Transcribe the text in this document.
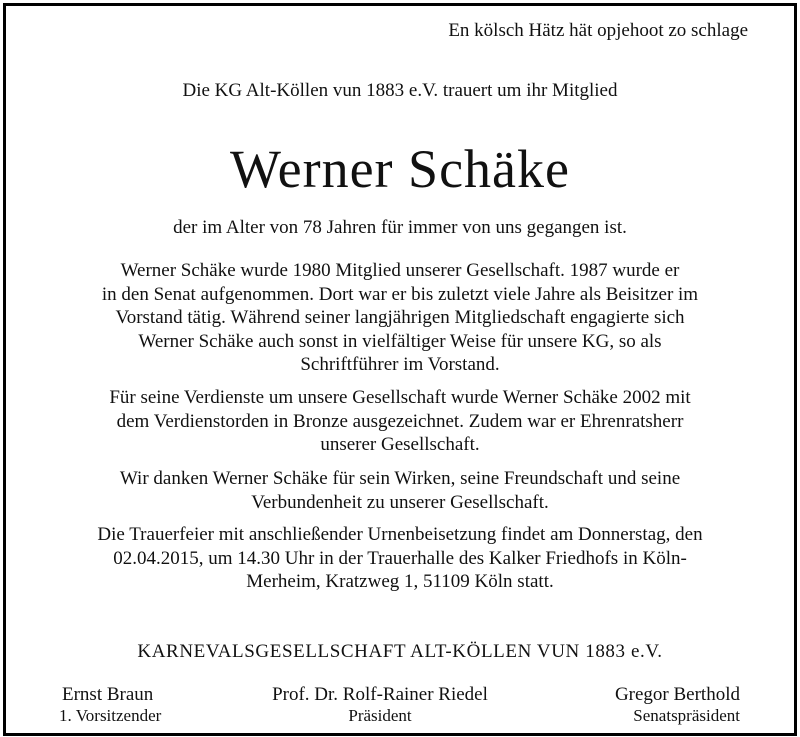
En kölsch Hätz hät opjehoot zo schlage
Die KG Alt-Köllen vun 1883 e.V. trauert um ihr Mitglied
Werner Schäke
der im Alter von 78 Jahren für immer von uns gegangen ist.
Werner Schäke wurde 1980 Mitglied unserer Gesellschaft. 1987 wurde er
in den Senat aufgenommen. Dort war er bis zuletzt viele Jahre als Beisitzer im
Vorstand tätig. Während seiner langjährigen Mitgliedschaft engagierte sich
Werner Schäke auch sonst in vielfältiger Weise für unsere KG, so als
Schriftführer im Vorstand.
Für seine Verdienste um unsere Gesellschaft wurde Werner Schäke 2002 mit
dem Verdienstorden in Bronze ausgezeichnet. Zudem war er Ehrenratsherr
unserer Gesellschaft.
Wir danken Werner Schäke für sein Wirken, seine Freundschaft und seine
Verbundenheit zu unserer Gesellschaft.
Die Trauerfeier mit anschließender Urnenbeisetzung findet am Donnerstag, den
02.04.2015, um 14.30 Uhr in der Trauerhalle des Kalker Friedhofs in Köln-
Merheim, Kratzweg 1, 51109 Köln statt.
KARNEVALSGESELLSCHAFT ALT-KÖLLEN VUN 1883 e.V.
Ernst Braun
1. Vorsitzender
Prof. Dr. Rolf-Rainer Riedel
Präsident
Gregor Berthold
Senatspräsident
